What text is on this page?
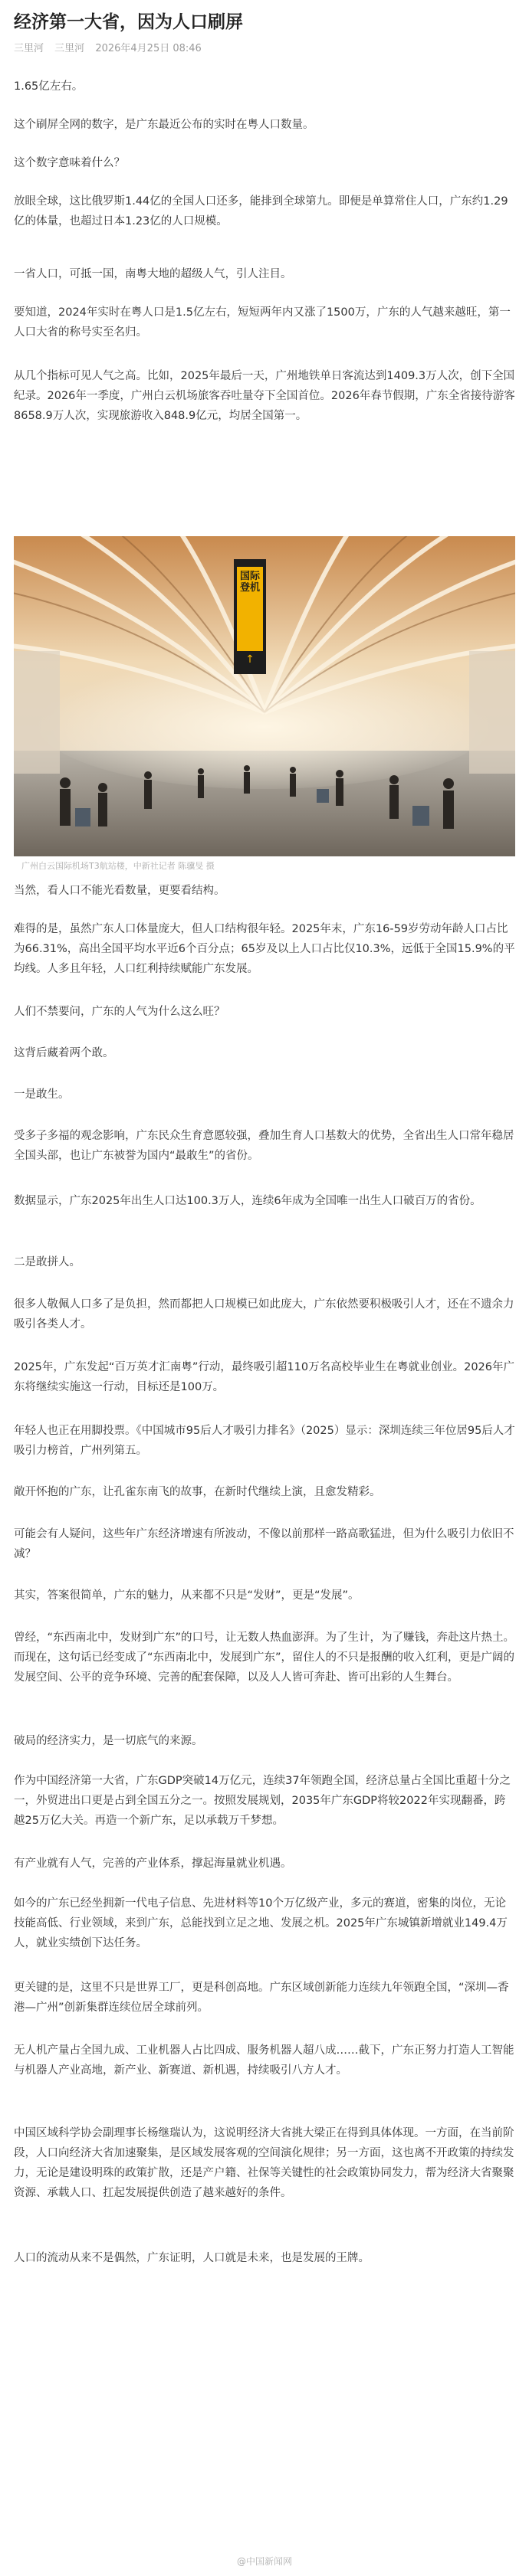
经济第一大省，因为人口刷屏
三里河 三里河 2026年4月25日 08:46

1.65亿左右。

这个刷屏全网的数字，是广东最近公布的实时在粤人口数量。

这个数字意味着什么？

放眼全球，这比俄罗斯1.44亿的全国人口还多，能排到全球第九。即便是单算常住人口，广东约1.29亿的体量，也超过日本1.23亿的人口规模。

一省人口，可抵一国，南粤大地的超级人气，引人注目。

要知道，2024年实时在粤人口是1.5亿左右，短短两年内又涨了1500万，广东的人气越来越旺，第一人口大省的称号实至名归。

从几个指标可见人气之高。比如，2025年最后一天，广州地铁单日客流达到1409.3万人次，创下全国纪录。2026年一季度，广州白云机场旅客吞吐量夺下全国首位。2026年春节假期，广东全省接待游客8658.9万人次，实现旅游收入848.9亿元，均居全国第一。

↑
国际登机
广州白云国际机场T3航站楼，中新社记者 陈骥旻 摄

当然，看人口不能光看数量，更要看结构。

难得的是，虽然广东人口体量庞大，但人口结构很年轻。2025年末，广东16-59岁劳动年龄人口占比为66.31%，高出全国平均水平近6个百分点；65岁及以上人口占比仅10.3%，远低于全国15.9%的平均线。人多且年轻，人口红利持续赋能广东发展。

人们不禁要问，广东的人气为什么这么旺？

这背后藏着两个敢。

一是敢生。

受多子多福的观念影响，广东民众生育意愿较强，叠加生育人口基数大的优势，全省出生人口常年稳居全国头部，也让广东被誉为国内“最敢生”的省份。

数据显示，广东2025年出生人口达100.3万人，连续6年成为全国唯一出生人口破百万的省份。

二是敢拼人。

很多人敬佩人口多了是负担，然而都把人口规模已如此庞大，广东依然要积极吸引人才，还在不遗余力吸引各类人才。

2025年，广东发起“百万英才汇南粤”行动，最终吸引超110万名高校毕业生在粤就业创业。2026年广东将继续实施这一行动，目标还是100万。

年轻人也正在用脚投票。《中国城市95后人才吸引力排名》（2025）显示：深圳连续三年位居95后人才吸引力榜首，广州列第五。

敞开怀抱的广东，让孔雀东南飞的故事，在新时代继续上演，且愈发精彩。

可能会有人疑问，这些年广东经济增速有所波动，不像以前那样一路高歌猛进，但为什么吸引力依旧不减？

其实，答案很简单，广东的魅力，从来都不只是“发财”，更是“发展”。

曾经，“东西南北中，发财到广东”的口号，让无数人热血澎湃。为了生计，为了赚钱，奔赴这片热土。而现在，这句话已经变成了“东西南北中，发展到广东”，留住人的不只是报酬的收入红利，更是广阔的发展空间、公平的竞争环境、完善的配套保障，以及人人皆可奔赴、皆可出彩的人生舞台。

破局的经济实力，是一切底气的来源。

作为中国经济第一大省，广东GDP突破14万亿元，连续37年领跑全国，经济总量占全国比重超十分之一，外贸进出口更是占到全国五分之一。按照发展规划，2035年广东GDP将较2022年实现翻番，跨越25万亿大关。再造一个新广东，足以承载万千梦想。

有产业就有人气，完善的产业体系，撑起海量就业机遇。

如今的广东已经坐拥新一代电子信息、先进材料等10个万亿级产业，多元的赛道，密集的岗位，无论技能高低、行业领域，来到广东，总能找到立足之地、发展之机。2025年广东城镇新增就业149.4万人，就业实绩创下达任务。

更关键的是，这里不只是世界工厂，更是科创高地。广东区域创新能力连续九年领跑全国，“深圳—香港—广州”创新集群连续位居全球前列。

无人机产量占全国九成、工业机器人占比四成、服务机器人超八成……截下，广东正努力打造人工智能与机器人产业高地，新产业、新赛道、新机遇，持续吸引八方人才。

中国区域科学协会副理事长杨继瑞认为，这说明经济大省挑大梁正在得到具体体现。一方面，在当前阶段，人口向经济大省加速聚集，是区域发展客观的空间演化规律；另一方面，这也离不开政策的持续发力，无论是建设明珠的政策扩散，还是产户籍、社保等关键性的社会政策协同发力，帮为经济大省聚聚资源、承载人口、扛起发展提供创造了越来越好的条件。

人口的流动从来不是偶然，广东证明，人口就是未来，也是发展的王牌。

@中国新闻网
